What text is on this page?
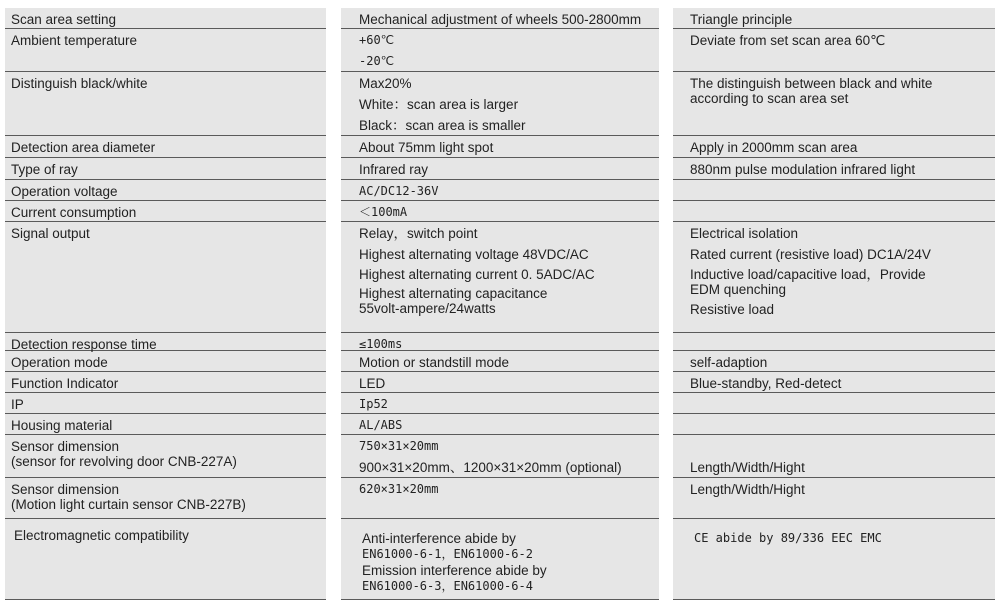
Scan area setting
Ambient temperature
Distinguish black/white
Detection area diameter
Type of ray
Operation voltage
Current consumption
Signal output
Detection response time
Operation mode
Function Indicator
IP
Housing material
Sensor dimension
(sensor for revolving door CNB-227A)
Sensor dimension
(Motion light curtain sensor CNB-227B)
Electromagnetic compatibility
Mechanical adjustment of wheels 500-2800mm
+60℃
-20℃
Max20%
White：scan area is larger
Black：scan area is smaller
About 75mm light spot
Infrared ray
AC/DC12-36V
＜100mA
Relay，switch point
Highest alternating voltage 48VDC/AC
Highest alternating current 0. 5ADC/AC
Highest alternating capacitance
55volt-ampere/24watts
≤100ms
Motion or standstill mode
LED
Ip52
AL/ABS
750×31×20mm
900×31×20mm、1200×31×20mm (optional)
620×31×20mm
Anti-interference abide by
EN61000-6-1，EN61000-6-2
Emission interference abide by
EN61000-6-3，EN61000-6-4
Triangle principle
Deviate from set scan area 60℃
The distinguish between black and white
according to scan area set
Apply in 2000mm scan area
880nm pulse modulation infrared light
Electrical isolation
Rated current (resistive load) DC1A/24V
Inductive load/capacitive load，Provide
EDM quenching
Resistive load
self-adaption
Blue-standby, Red-detect
Length/Width/Hight
Length/Width/Hight
CE abide by 89/336 EEC EMC
